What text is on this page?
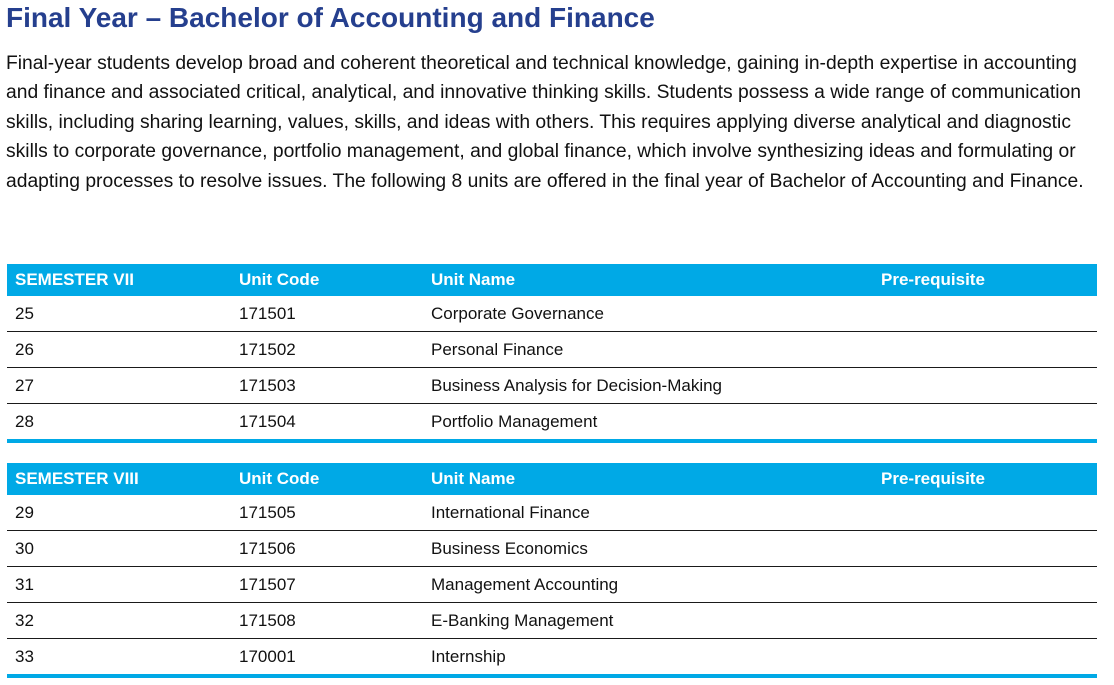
Final Year – Bachelor of Accounting and Finance

Final-year students develop broad and coherent theoretical and technical knowledge, gaining in-depth expertise in accounting and finance and associated critical, analytical, and innovative thinking skills. Students possess a wide range of communication skills, including sharing learning, values, skills, and ideas with others. This requires applying diverse analytical and diagnostic skills to corporate governance, portfolio management, and global finance, which involve synthesizing ideas and formulating or adapting processes to resolve issues. The following 8 units are offered in the final year of Bachelor of Accounting and Finance.

SEMESTER VII	Unit Code	Unit Name	Pre-requisite
25	171501	Corporate Governance	
26	171502	Personal Finance	
27	171503	Business Analysis for Decision-Making	
28	171504	Portfolio Management	
SEMESTER VIII	Unit Code	Unit Name	Pre-requisite
29	171505	International Finance	
30	171506	Business Economics	
31	171507	Management Accounting	
32	171508	E-Banking Management	
33	170001	Internship	
